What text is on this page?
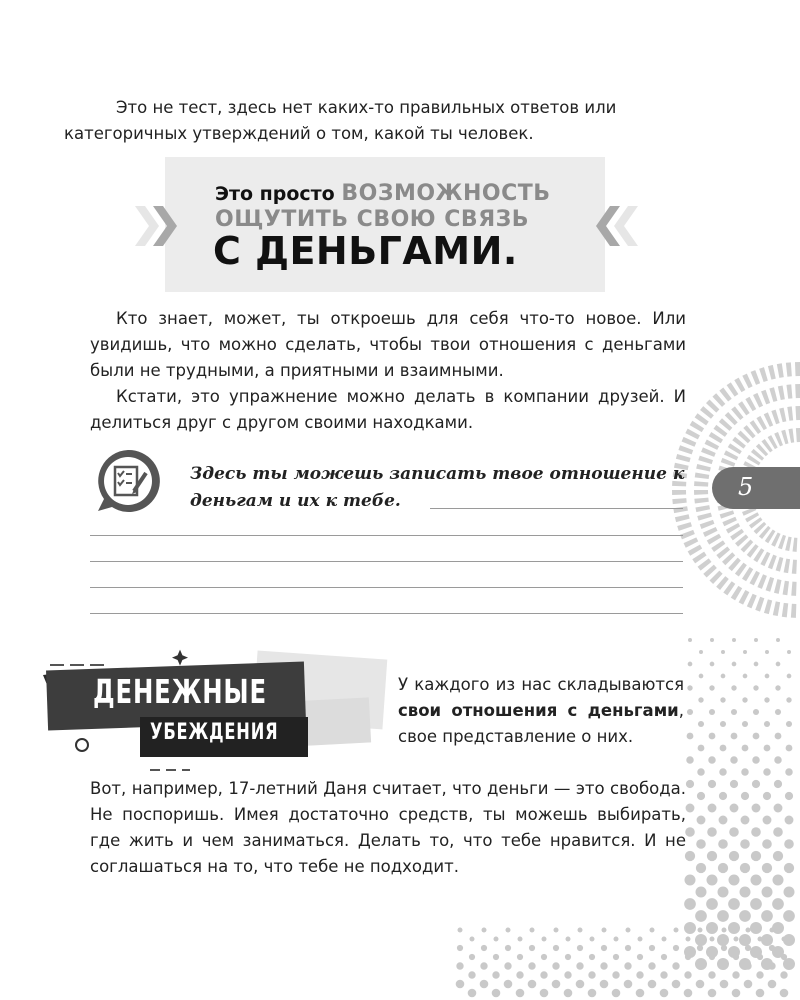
Это не тест, здесь нет каких-то правильных ответов или
категоричных утверждений о том, какой ты человек.
Это просто ВОЗМОЖНОСТЬ
ОЩУТИТЬ СВОЮ СВЯЗЬ
С ДЕНЬГАМИ.
Кто знает, может, ты откроешь для себя что-то новое. Или увидишь, что можно сделать, чтобы твои отношения с деньгами были не трудными, а приятными и взаимными.
Кстати, это упражнение можно делать в компании друзей. И делиться друг с другом своими находками.
Здесь ты можешь записать твое отношение к деньгам и их к тебе.	5
ДЕНЕЖНЫЕ
УБЕЖДЕНИЯ
У каждого из нас складываются свои отношения с деньгами, свое представление о них.
Вот, например, 17-летний Даня считает, что деньги — это свобода. Не поспоришь. Имея достаточно средств, ты можешь выбирать, где жить и чем заниматься. Делать то, что тебе нравится. И не соглашаться на то, что тебе не подходит.
